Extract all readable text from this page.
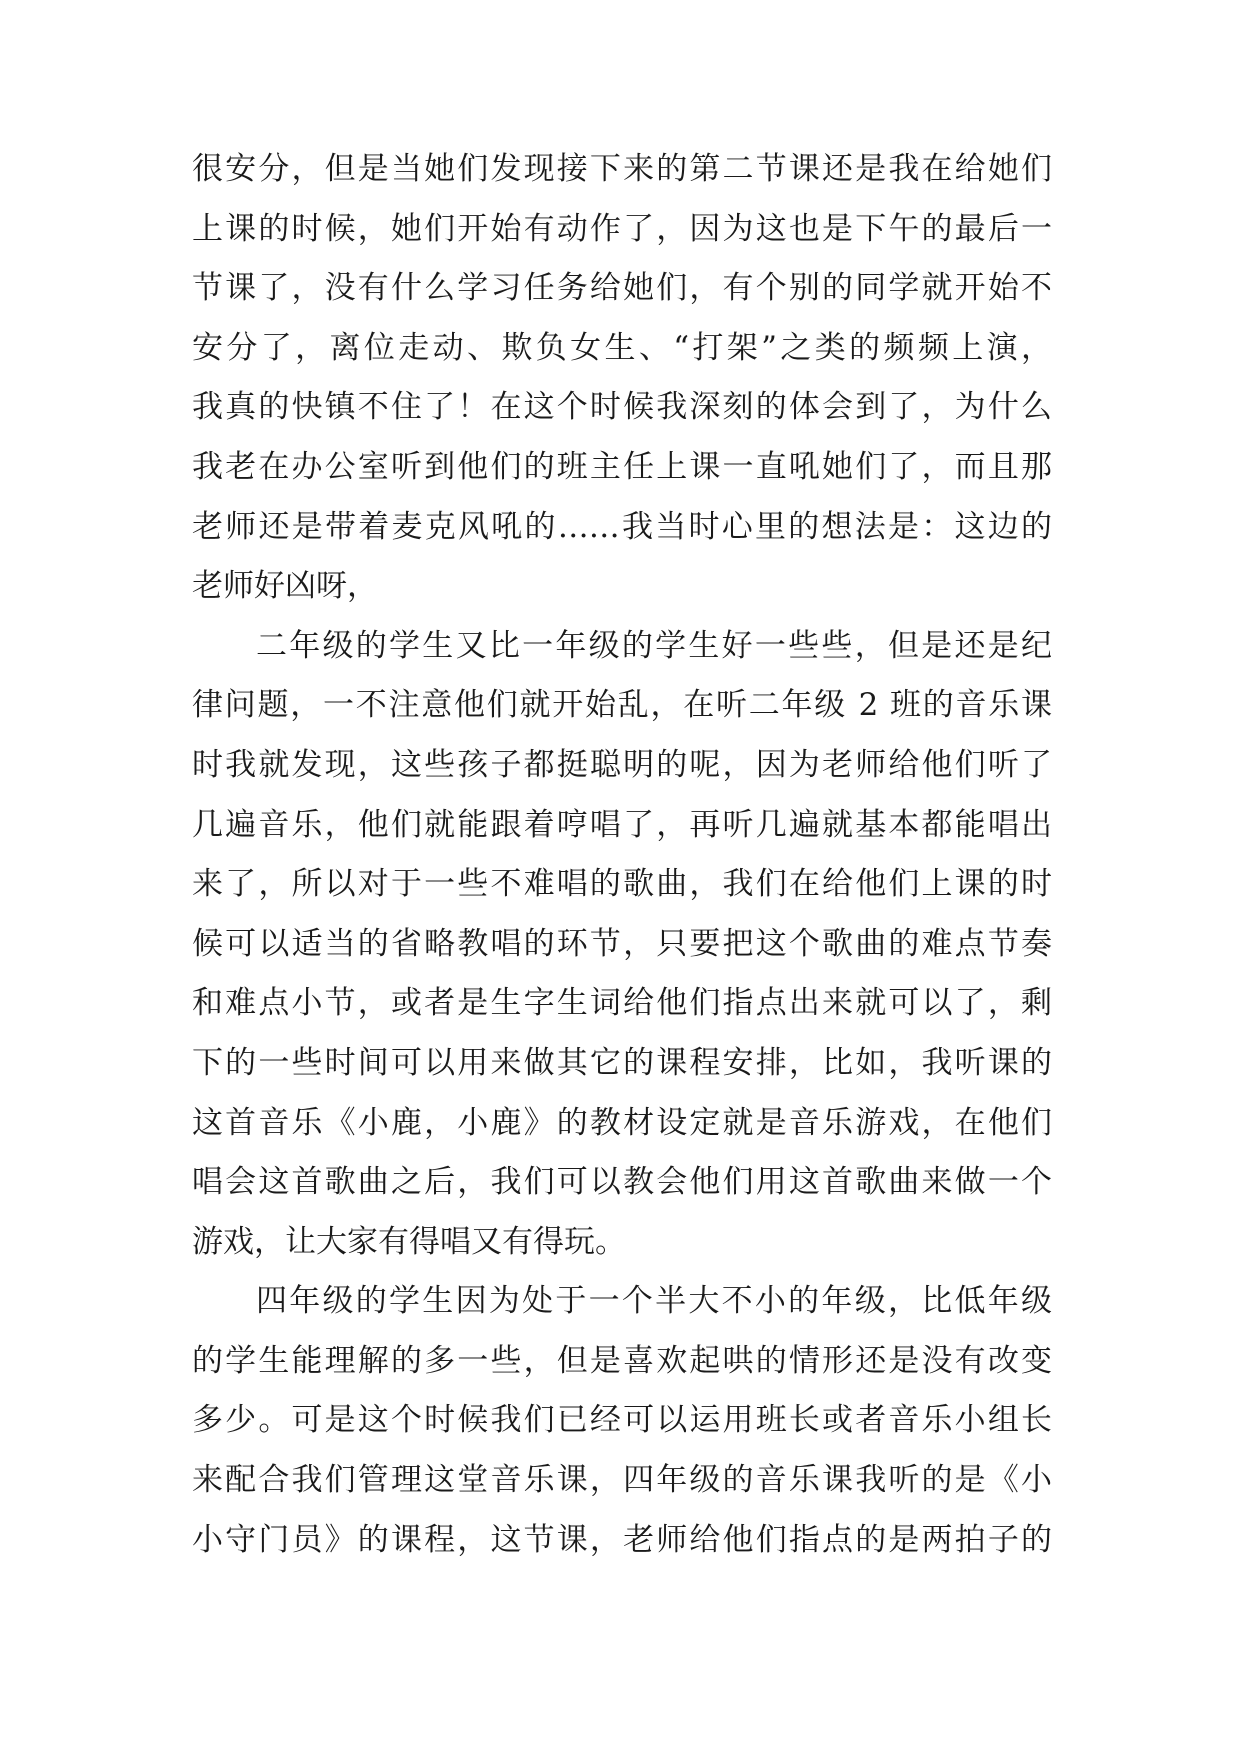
很安分，但是当她们发现接下来的第二节课还是我在给她们
上课的时候，她们开始有动作了，因为这也是下午的最后一
节课了，没有什么学习任务给她们，有个别的同学就开始不
安分了，离位走动、欺负女生、“打架”之类的频频上演，
我真的快镇不住了！在这个时候我深刻的体会到了，为什么
我老在办公室听到他们的班主任上课一直吼她们了，而且那
老师还是带着麦克风吼的……我当时心里的想法是：这边的
老师好凶呀，
二年级的学生又比一年级的学生好一些些，但是还是纪
律问题，一不注意他们就开始乱，在听二年级 2 班的音乐课
时我就发现，这些孩子都挺聪明的呢，因为老师给他们听了
几遍音乐，他们就能跟着哼唱了，再听几遍就基本都能唱出
来了，所以对于一些不难唱的歌曲，我们在给他们上课的时
候可以适当的省略教唱的环节，只要把这个歌曲的难点节奏
和难点小节，或者是生字生词给他们指点出来就可以了，剩
下的一些时间可以用来做其它的课程安排，比如，我听课的
这首音乐《小鹿，小鹿》的教材设定就是音乐游戏，在他们
唱会这首歌曲之后，我们可以教会他们用这首歌曲来做一个
游戏，让大家有得唱又有得玩。
四年级的学生因为处于一个半大不小的年级，比低年级
的学生能理解的多一些，但是喜欢起哄的情形还是没有改变
多少。可是这个时候我们已经可以运用班长或者音乐小组长
来配合我们管理这堂音乐课，四年级的音乐课我听的是《小
小守门员》的课程，这节课，老师给他们指点的是两拍子的
